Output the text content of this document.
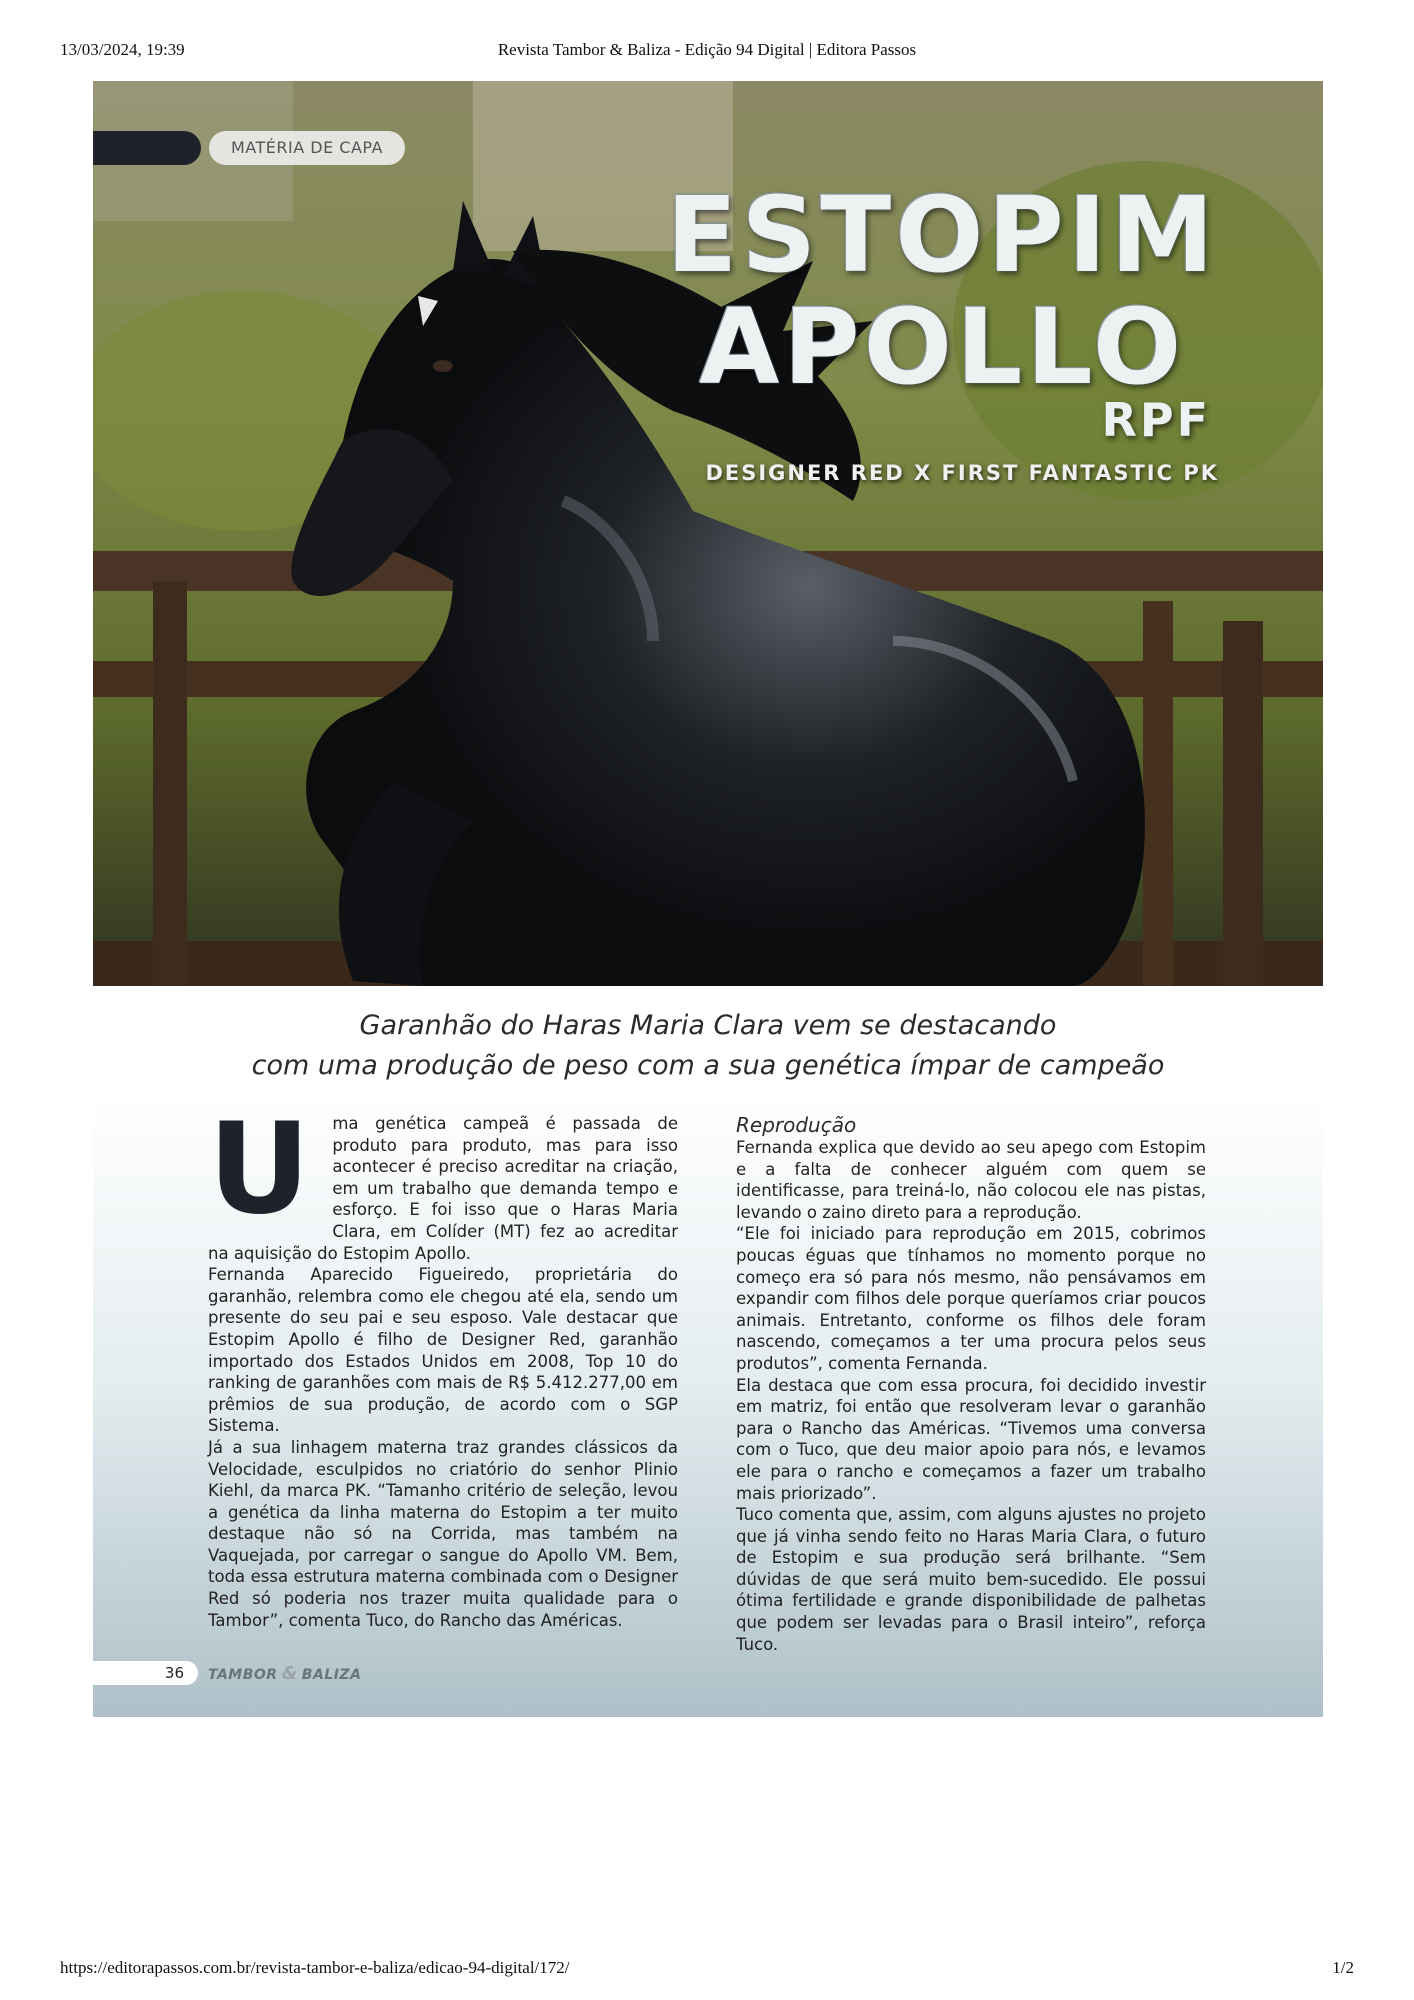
13/03/2024, 19:39	Revista Tambor & Baliza - Edição 94 Digital | Editora Passos
MATÉRIA DE CAPA
ESTOPIM
APOLLO
RPF
DESIGNER RED X FIRST FANTASTIC PK
Garanhão do Haras Maria Clara vem se destacando
com uma produção de peso com a sua genética ímpar de campeão
U	ma genética campeã é passada de produto para produto, mas para isso acontecer é preciso acreditar na criação, em um trabalho que demanda tempo e esforço. E foi isso que o Haras Maria Clara, em Colíder (MT) fez ao acreditar na aquisição do Estopim Apollo.

Fernanda Aparecido Figueiredo, proprietária do garanhão, relembra como ele chegou até ela, sendo um presente do seu pai e seu esposo. Vale destacar que Estopim Apollo é filho de Designer Red, garanhão importado dos Estados Unidos em 2008, Top 10 do ranking de garanhões com mais de R$ 5.412.277,00 em prêmios de sua produção, de acordo com o SGP Sistema.

Já a sua linhagem materna traz grandes clássicos da Velocidade, esculpidos no criatório do senhor Plinio Kiehl, da marca PK. “Tamanho critério de seleção, levou a genética da linha materna do Estopim a ter muito destaque não só na Corrida, mas também na Vaquejada, por carregar o sangue do Apollo VM. Bem, toda essa estrutura materna combinada com o Designer Red só poderia nos trazer muita qualidade para o Tambor”, comenta Tuco, do Rancho das Américas.

Reprodução

Fernanda explica que devido ao seu apego com Estopim e a falta de conhecer alguém com quem se identificasse, para treiná-lo, não colocou ele nas pistas, levando o zaino direto para a reprodução.

“Ele foi iniciado para reprodução em 2015, cobrimos poucas éguas que tínhamos no momento porque no começo era só para nós mesmo, não pensávamos em expandir com filhos dele porque queríamos criar poucos animais. Entretanto, conforme os filhos dele foram nascendo, começamos a ter uma procura pelos seus produtos”, comenta Fernanda.

Ela destaca que com essa procura, foi decidido investir em matriz, foi então que resolveram levar o garanhão para o Rancho das Américas. “Tivemos uma conversa com o Tuco, que deu maior apoio para nós, e levamos ele para o rancho e começamos a fazer um trabalho mais priorizado”.

Tuco comenta que, assim, com alguns ajustes no projeto que já vinha sendo feito no Haras Maria Clara, o futuro de Estopim e sua produção será brilhante. “Sem dúvidas de que será muito bem-sucedido. Ele possui ótima fertilidade e grande disponibilidade de palhetas que podem ser levadas para o Brasil inteiro”, reforça Tuco.

36	TAMBOR & BALIZA
https://editorapassos.com.br/revista-tambor-e-baliza/edicao-94-digital/172/	1/2
